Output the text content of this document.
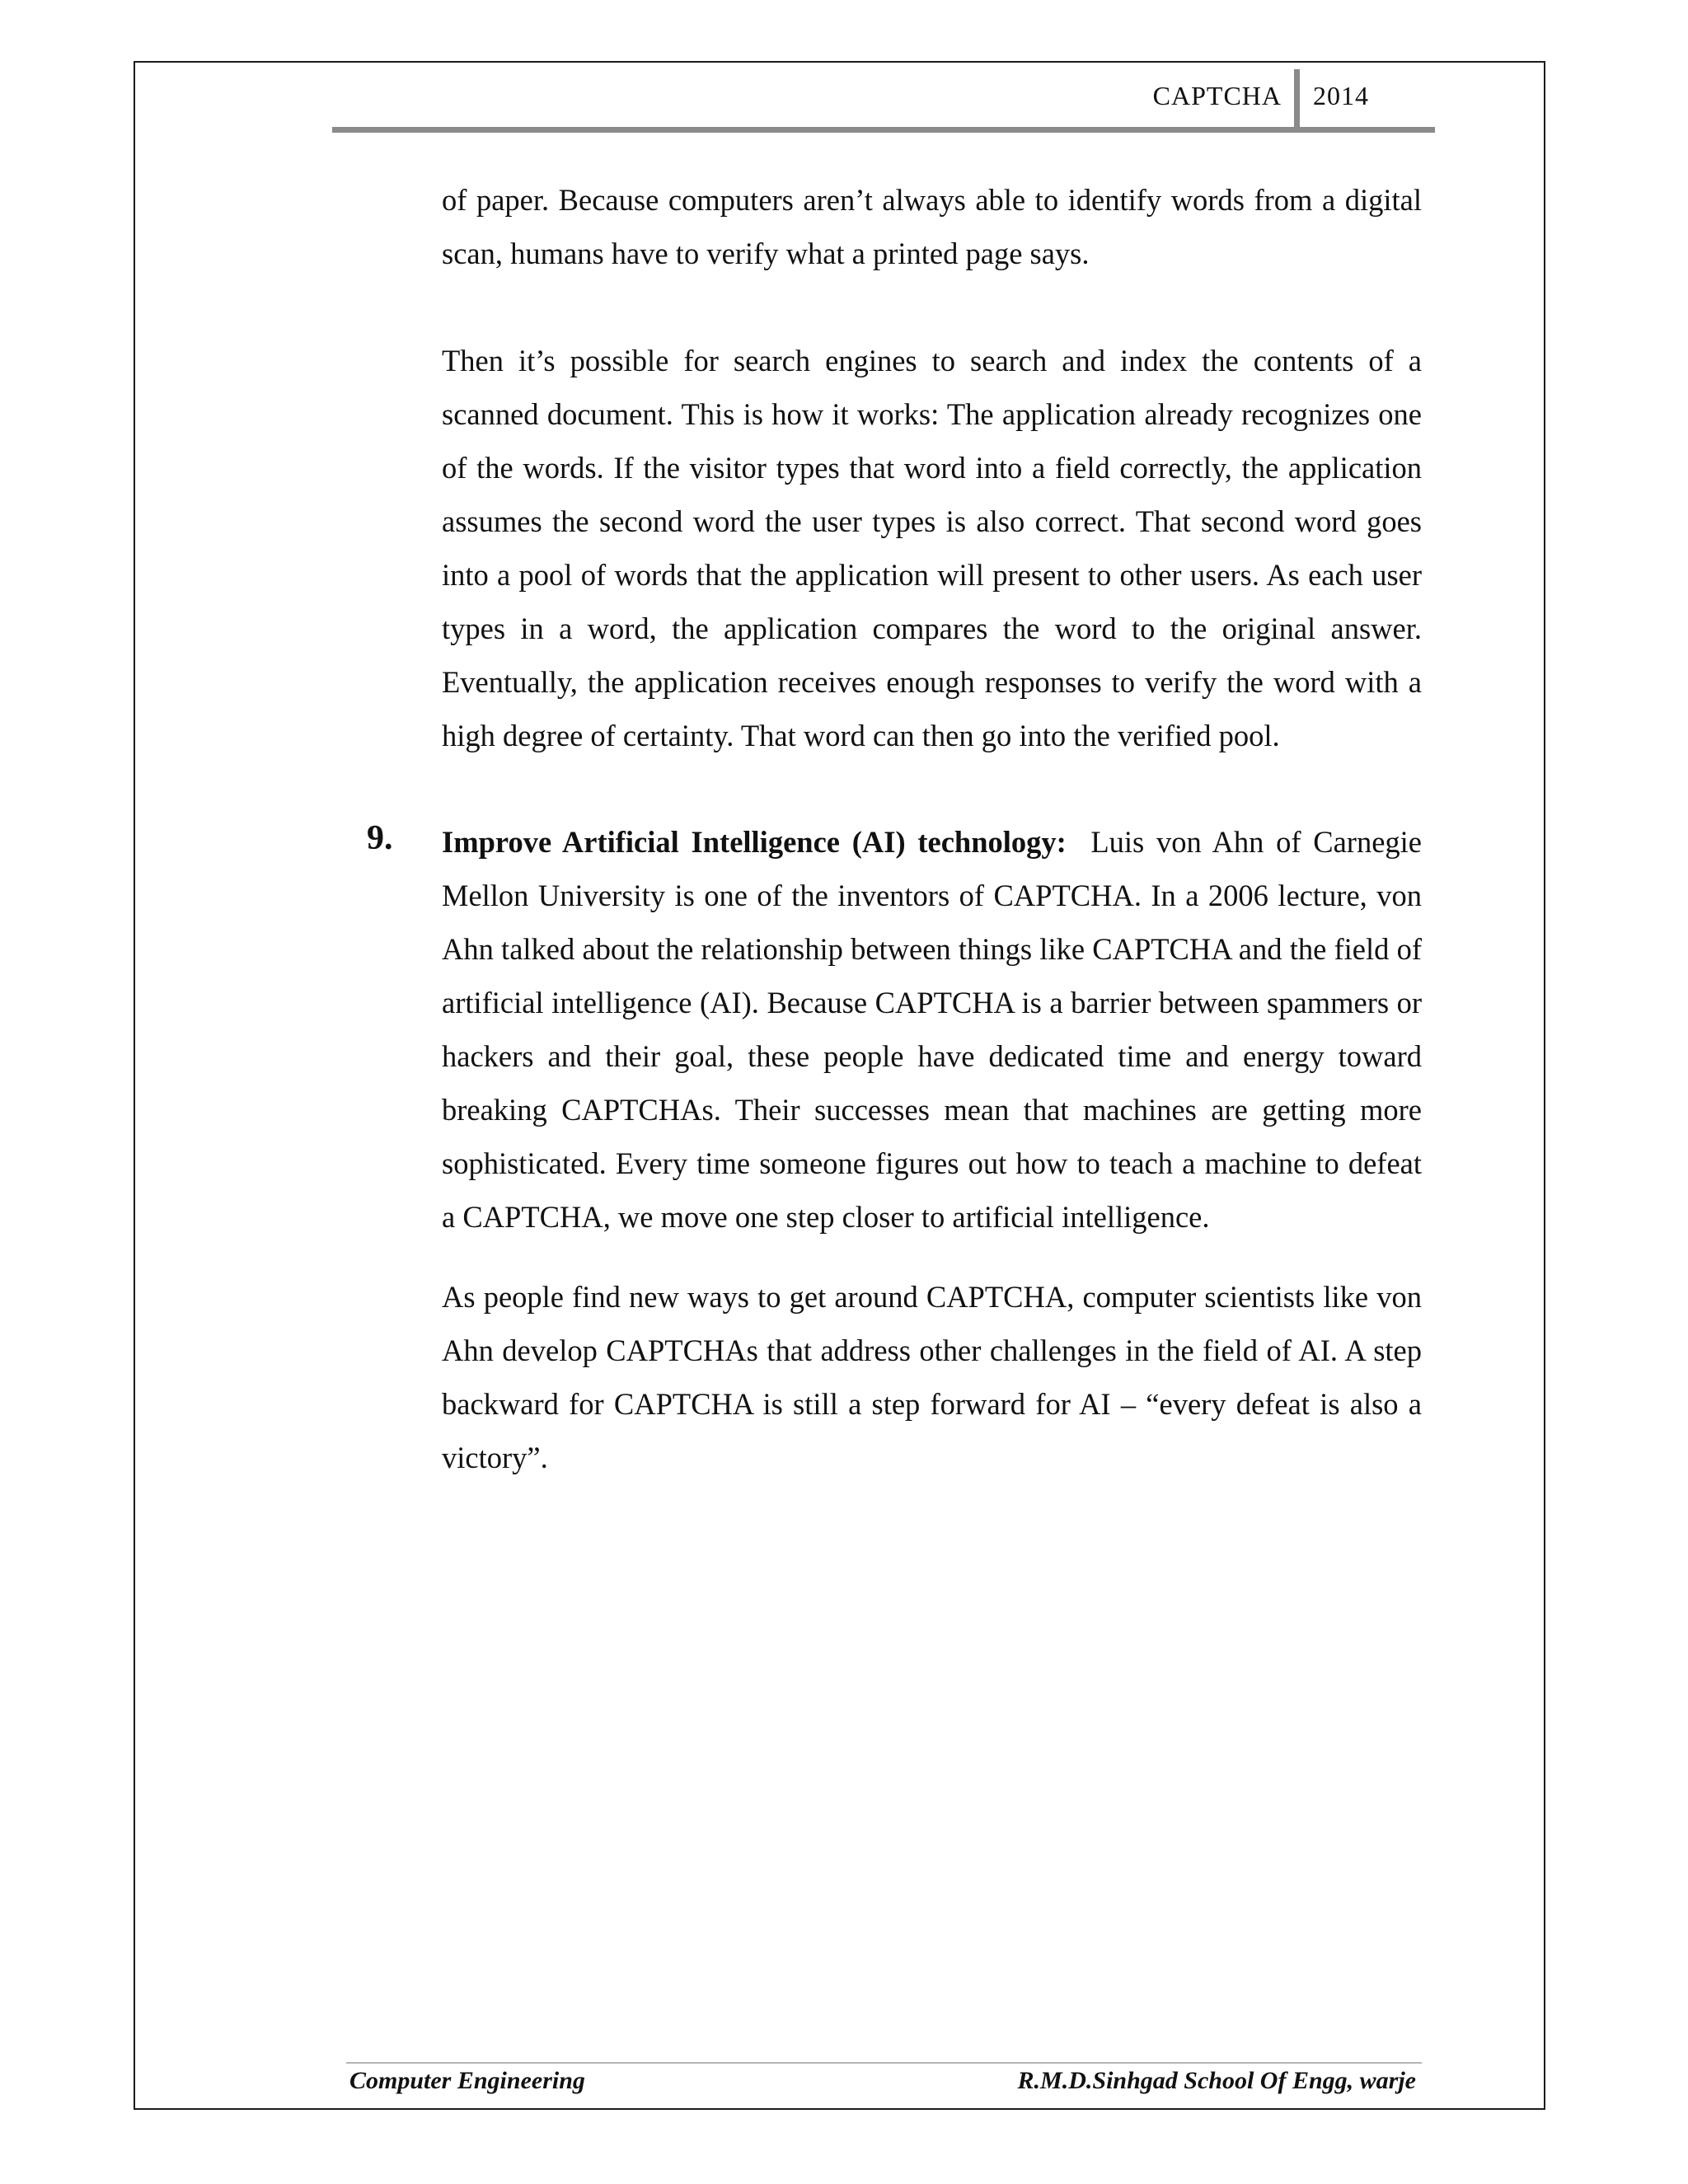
CAPTCHA 2014

of paper. Because computers aren’t always able to identify words from a digital scan, humans have to verify what a printed page says.

Then it’s possible for search engines to search and index the contents of a scanned document. This is how it works: The application already recognizes one of the words. If the visitor types that word into a field correctly, the application assumes the second word the user types is also correct. That second word goes into a pool of words that the application will present to other users. As each user types in a word, the application compares the word to the original answer. Eventually, the application receives enough responses to verify the word with a high degree of certainty. That word can then go into the verified pool.

9. Improve Artificial Intelligence (AI) technology: Luis von Ahn of Carnegie Mellon University is one of the inventors of CAPTCHA. In a 2006 lecture, von Ahn talked about the relationship between things like CAPTCHA and the field of artificial intelligence (AI). Because CAPTCHA is a barrier between spammers or hackers and their goal, these people have dedicated time and energy toward breaking CAPTCHAs. Their successes mean that machines are getting more sophisticated. Every time someone figures out how to teach a machine to defeat a CAPTCHA, we move one step closer to artificial intelligence.

As people find new ways to get around CAPTCHA, computer scientists like von Ahn develop CAPTCHAs that address other challenges in the field of AI. A step backward for CAPTCHA is still a step forward for AI – “every defeat is also a victory”.

Computer Engineering	R.M.D.Sinhgad School Of Engg, warje
